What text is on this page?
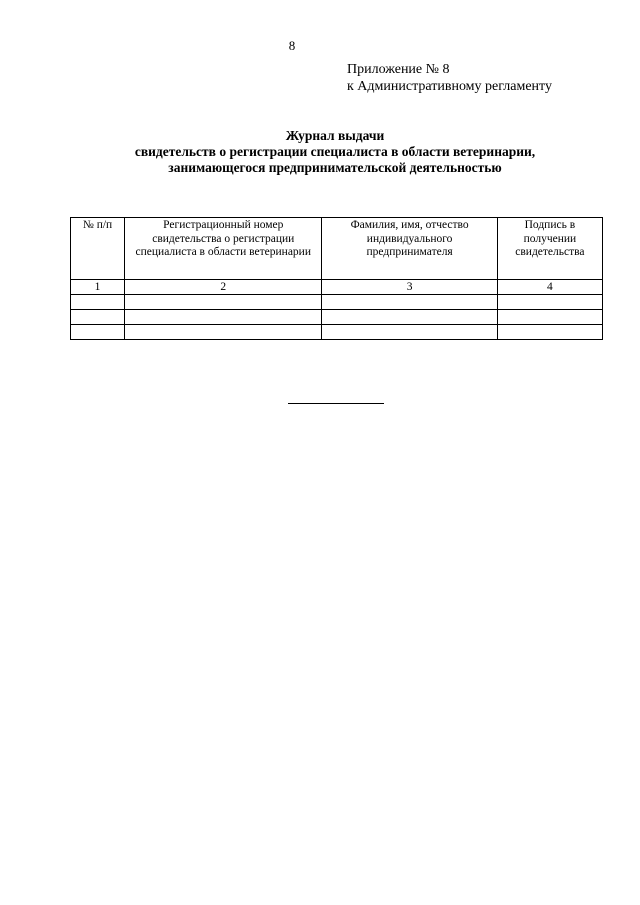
8
Приложение № 8
к Административному регламенту
Журнал выдачи
свидетельств о регистрации специалиста в области ветеринарии,
занимающегося предпринимательской деятельностью
№ п/п	Регистрационный номер свидетельства о регистрации специалиста в области ветеринарии	Фамилия, имя, отчество индивидуального предпринимателя	Подпись в получении свидетельства
1	2	3	4
